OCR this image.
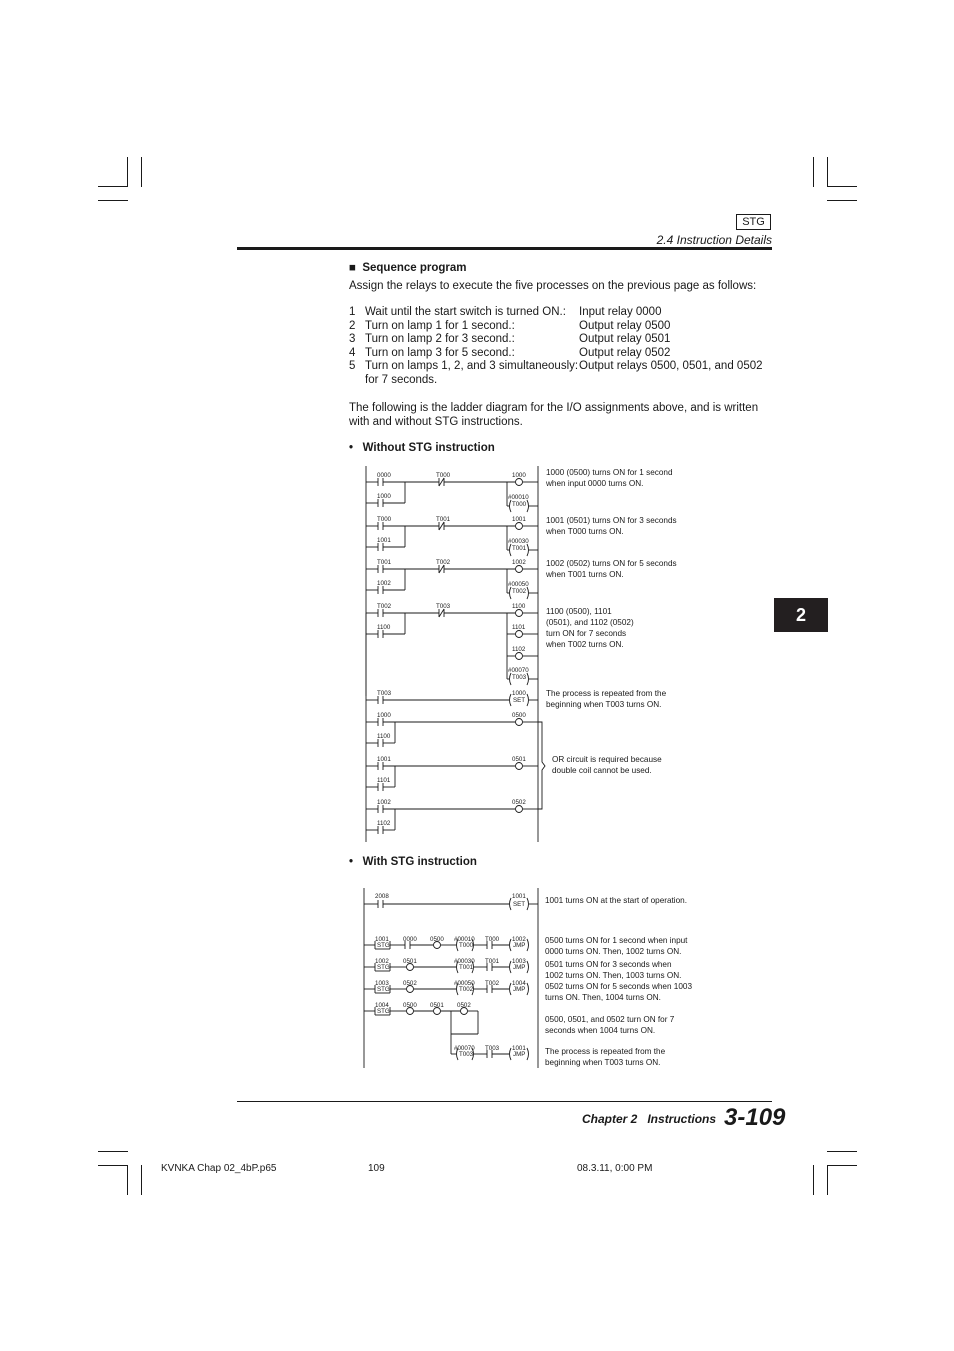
STG
2.4 Instruction Details
2
■ Sequence program
Assign the relays to execute the five processes on the previous page as follows:
1 Wait until the start switch is turned ON.: Input relay 0000
2 Turn on lamp 1 for 1 second.:	Output relay 0500
3 Turn on lamp 2 for 3 second.:	Output relay 0501
4 Turn on lamp 3 for 5 second.:	Output relay 0502
5 Turn on lamps 1, 2, and 3 simultaneously: Output relays 0500, 0501, and 0502
for 7 seconds.
The following is the ladder diagram for the I/O assignments above, and is written
with and without STG instructions.
• Without STG instruction
0000	T000	1000
1000	#00010
T000
T000	T001	1001
1001	#00030
T001
T001	T002	1002
1002	#00050
T002
T002	T003	1100
1100	1101
1102
#00070
T003
T003	1000
SET
1000	0500
1100
1001	0501
1101
1002	0502
1102
1000 (0500) turns ON for 1 second
when input 0000 turns ON.
1001 (0501) turns ON for 3 seconds
when T000 turns ON.
1002 (0502) turns ON for 5 seconds
when T001 turns ON.
1100 (0500), 1101
(0501), and 1102 (0502)
turn ON for 7 seconds
when T002 turns ON.
The process is repeated from the
beginning when T003 turns ON.
OR circuit is required because
double coil cannot be used.
• With STG instruction
2008	1001
SET
1001
STG
0000 0500 #00010
T000
T000 1002
JMP
1002
STG
0501	#00030
T001
T001 1003
JMP
1003
STG
0502	#00050
T002
T002 1004
JMP
1004
STG
0500 0501 0502
#00070
T003
T003 1001
JMP
1001 turns ON at the start of operation.
0500 turns ON for 1 second when input
0000 turns ON. Then, 1002 turns ON.
0501 turns ON for 3 seconds when
1002 turns ON. Then, 1003 turns ON.
0502 turns ON for 5 seconds when 1003
turns ON. Then, 1004 turns ON.
0500, 0501, and 0502 turn ON for 7
seconds when 1004 turns ON.
The process is repeated from the
beginning when T003 turns ON.
Chapter 2   Instructions 3-109
KVNKA Chap 02_4bP.p65	109	08.3.11, 0:00 PM
